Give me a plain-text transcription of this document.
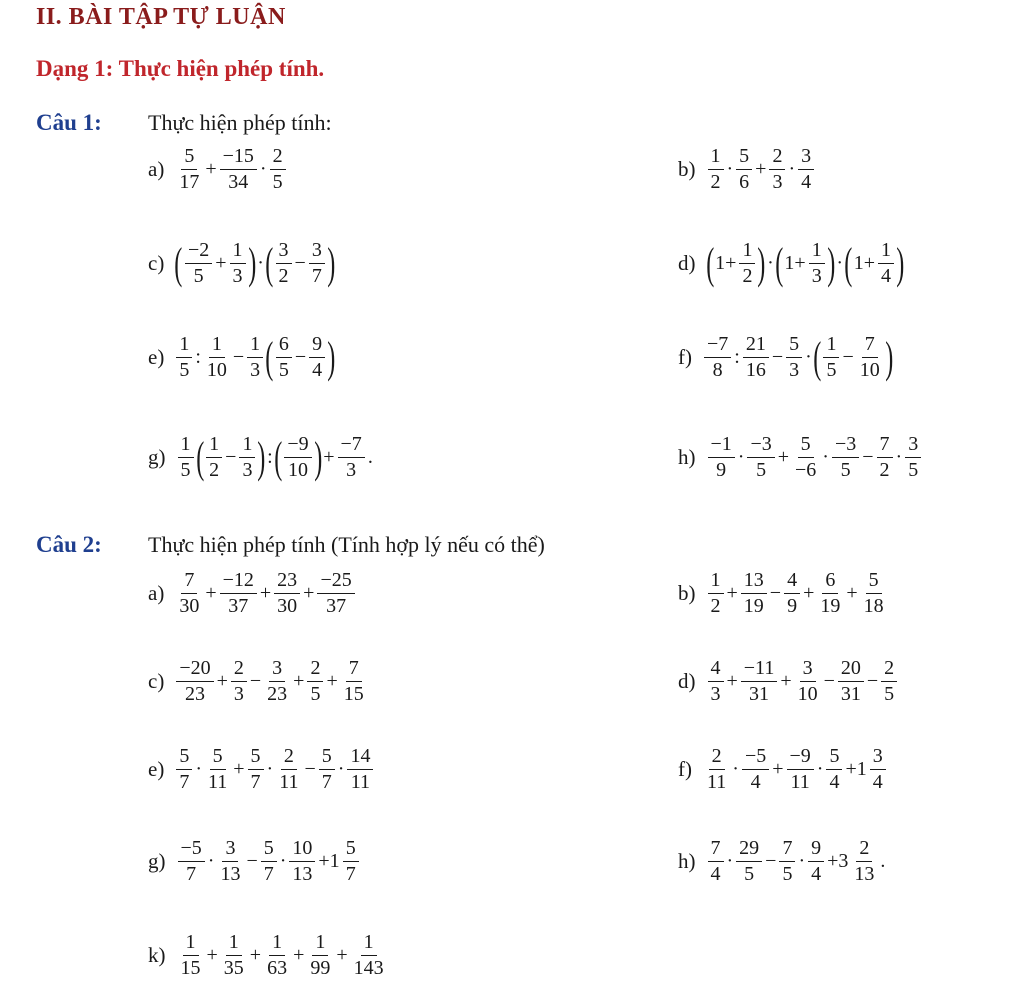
II. BÀI TẬP TỰ LUẬN
Dạng 1: Thực hiện phép tính.
Câu 1: Thực hiện phép tính:
$a) \frac{5}{17} + \frac{-15}{34} \cdot \frac{2}{5}$	$b) \frac{1}{2} \cdot \frac{5}{6} + \frac{2}{3} \cdot \frac{3}{4}$
c) ( $\frac{-2}{5} + \frac{1}{3}$ ) · ( $\frac{3}{2} - \frac{3}{7}$ )	d) ( $1+ \frac{1}{2}$ ) · ( $1+ \frac{1}{3}$ ) · ( $1+ \frac{1}{4}$ )
$e) \frac{1}{5}$ : $\frac{1}{10} - \frac{1}{3}$ ( $\frac{6}{5} - \frac{9}{4}$ )	$f) \frac{-7}{8}$ : $\frac{21}{16} - \frac{5}{3}$ · ( $\frac{1}{5} - \frac{7}{10}$ )
$g) \frac{1}{5}$ ( $\frac{1}{2} - \frac{1}{3}$ ) : ( $\frac{-9}{10}$ ) + $\frac{-7}{3}$ .	$h) \frac{-1}{9} \cdot \frac{-3}{5} + \frac{5}{-6} \cdot \frac{-3}{5} - \frac{7}{2} \cdot \frac{3}{5}$
Câu 2: Thực hiện phép tính (Tính hợp lý nếu có thể)
$a) \frac{7}{30} + \frac{-12}{37} + \frac{23}{30} + \frac{-25}{37}$	$b) \frac{1}{2} + \frac{13}{19} - \frac{4}{9} + \frac{6}{19} + \frac{5}{18}$
$c) \frac{-20}{23} + \frac{2}{3} - \frac{3}{23} + \frac{2}{5} + \frac{7}{15}$	$d) \frac{4}{3} + \frac{-11}{31} + \frac{3}{10} - \frac{20}{31} - \frac{2}{5}$
$e) \frac{5}{7} \cdot \frac{5}{11} + \frac{5}{7} \cdot \frac{2}{11} - \frac{5}{7} \cdot \frac{14}{11}$	$f) \frac{2}{11} \cdot \frac{-5}{4} + \frac{-9}{11} \cdot \frac{5}{4} +1 \frac{3}{4}$
$g) \frac{-5}{7} \cdot \frac{3}{13} - \frac{5}{7} \cdot \frac{10}{13} +1 \frac{5}{7}$	$h) \frac{7}{4} \cdot \frac{29}{5} - \frac{7}{5} \cdot \frac{9}{4} +3 \frac{2}{13}$ .
$k) \frac{1}{15} + \frac{1}{35} + \frac{1}{63} + \frac{1}{99} + \frac{1}{143}$
